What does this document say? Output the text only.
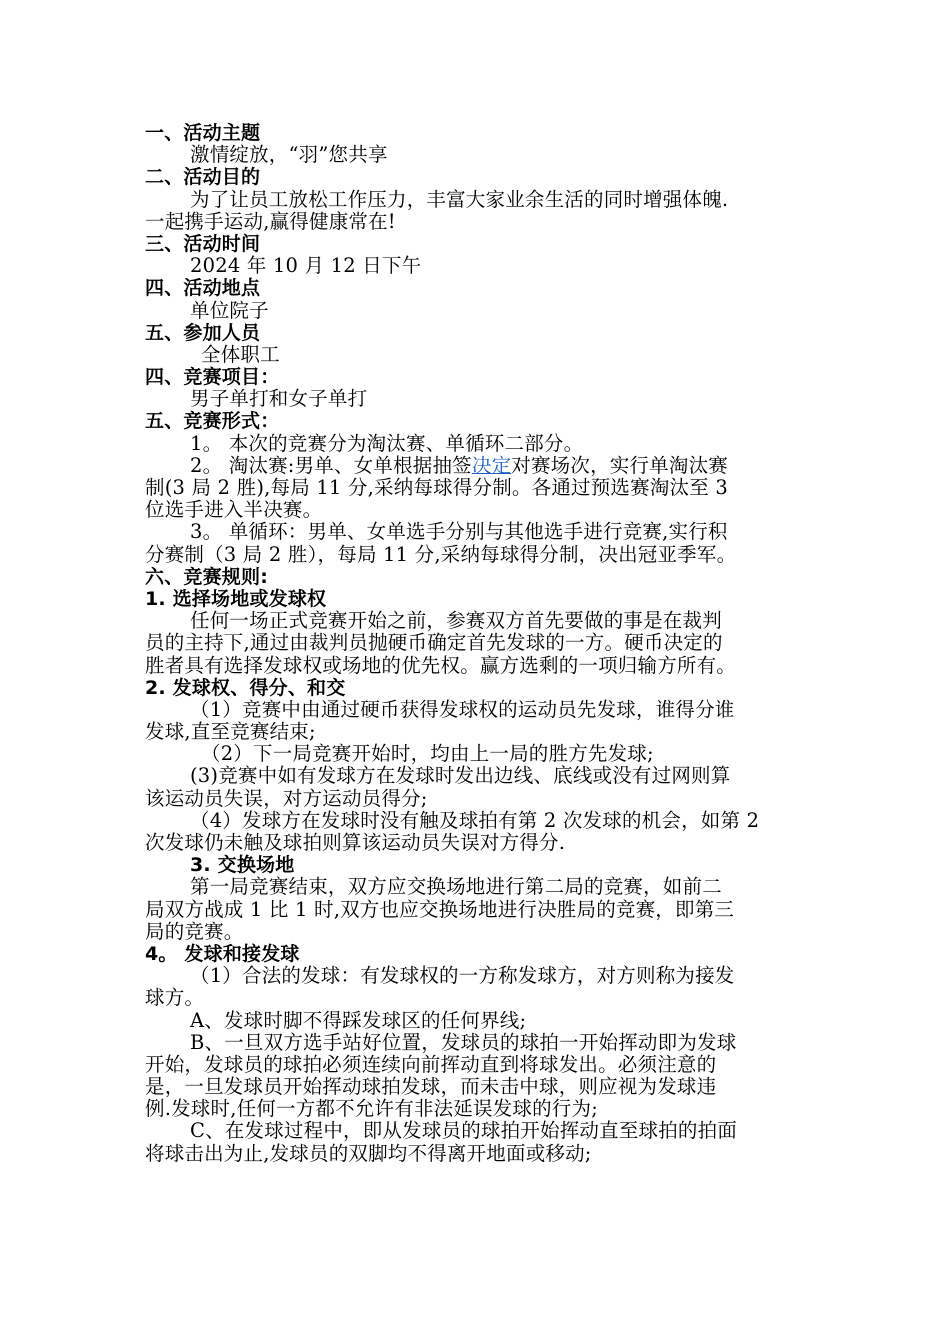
一、活动主题
激情绽放，“羽”您共享
二、活动目的
为了让员工放松工作压力，丰富大家业余生活的同时增强体魄.
一起携手运动,赢得健康常在!
三、活动时间
2024 年 10 月 12 日下午
四、活动地点
单位院子
五、参加人员
全体职工
四、竞赛项目：
男子单打和女子单打
五、竞赛形式：
1。 本次的竞赛分为淘汰赛、单循环二部分。
2。 淘汰赛:男单、女单根据抽签决定对赛场次，实行单淘汰赛
制(3 局 2 胜),每局 11 分,采纳每球得分制。各通过预选赛淘汰至 3
位选手进入半决赛。
3。 单循环：男单、女单选手分别与其他选手进行竞赛,实行积
分赛制（3 局 2 胜），每局 11 分,采纳每球得分制，决出冠亚季军。
六、竞赛规则:
1. 选择场地或发球权
任何一场正式竞赛开始之前，参赛双方首先要做的事是在裁判
员的主持下,通过由裁判员抛硬币确定首先发球的一方。硬币决定的
胜者具有选择发球权或场地的优先权。赢方选剩的一项归输方所有。
2. 发球权、得分、和交
（1）竞赛中由通过硬币获得发球权的运动员先发球，谁得分谁
发球,直至竞赛结束;
（2）下一局竞赛开始时，均由上一局的胜方先发球;
(3)竞赛中如有发球方在发球时发出边线、底线或没有过网则算
该运动员失误，对方运动员得分;
（4）发球方在发球时没有触及球拍有第 2 次发球的机会，如第 2
次发球仍未触及球拍则算该运动员失误对方得分.
3. 交换场地
第一局竞赛结束，双方应交换场地进行第二局的竞赛，如前二
局双方战成 1 比 1 时,双方也应交换场地进行决胜局的竞赛，即第三
局的竞赛。
4。 发球和接发球
（1）合法的发球：有发球权的一方称发球方，对方则称为接发
球方。
A、发球时脚不得踩发球区的任何界线;
B、一旦双方选手站好位置，发球员的球拍一开始挥动即为发球
开始，发球员的球拍必须连续向前挥动直到将球发出。必须注意的
是，一旦发球员开始挥动球拍发球，而未击中球，则应视为发球违
例.发球时,任何一方都不允许有非法延误发球的行为;
C、在发球过程中，即从发球员的球拍开始挥动直至球拍的拍面
将球击出为止,发球员的双脚均不得离开地面或移动;
